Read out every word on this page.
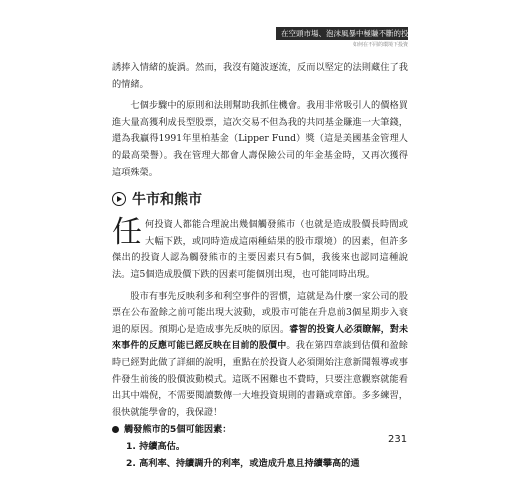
在空頭市場、泡沫風暴中極賺不斷的投資策略
如何在不同的環境下投資

誘捧入情緒的旋渦。然而，我沒有隨波逐流，反而以堅定的法則藏住了我的情緒。

七個步驟中的原則和法則幫助我抓住機會。我用非常吸引人的價格買進大量高獲利成長型股票，這次交易不但為我的共同基金賺進一大筆錢，還為我贏得1991年里柏基金（Lipper Fund）獎（這是美國基金管理人的最高榮譽）。我在管理大都會人壽保險公司的年金基金時，又再次獲得這項殊榮。

牛市和熊市

任何投資人都能合理說出幾個觸發熊市（也就是造成股價長時間或大幅下跌，或同時造成這兩種結果的股市環境）的因素，但許多傑出的投資人認為觸發熊市的主要因素只有5個，我後來也認同這種說法。這5個造成股價下跌的因素可能個別出現，也可能同時出現。

股市有事先反映利多和利空事件的習慣，這就是為什麼一家公司的股票在公布盈餘之前可能出現大波動，或股市可能在升息前3個星期步入衰退的原因。預期心是造成事先反映的原因。睿智的投資人必須瞭解，對未來事件的反應可能已經反映在目前的股價中。我在第四章談到估價和盈餘時已經對此做了詳細的說明，重點在於投資人必須開始注意新聞報導或事件發生前後的股價波動模式。這既不困難也不費時，只要注意觀察就能看出其中端倪，不需要閱讀數傳一大堆投資規則的書籍或章節。多多練習，很快就能學會的，我保證！

觸發熊市的5個可能因素：
1. 持續高估。
2. 高利率、持續調升的利率，或造成升息且持續攀高的通
231
